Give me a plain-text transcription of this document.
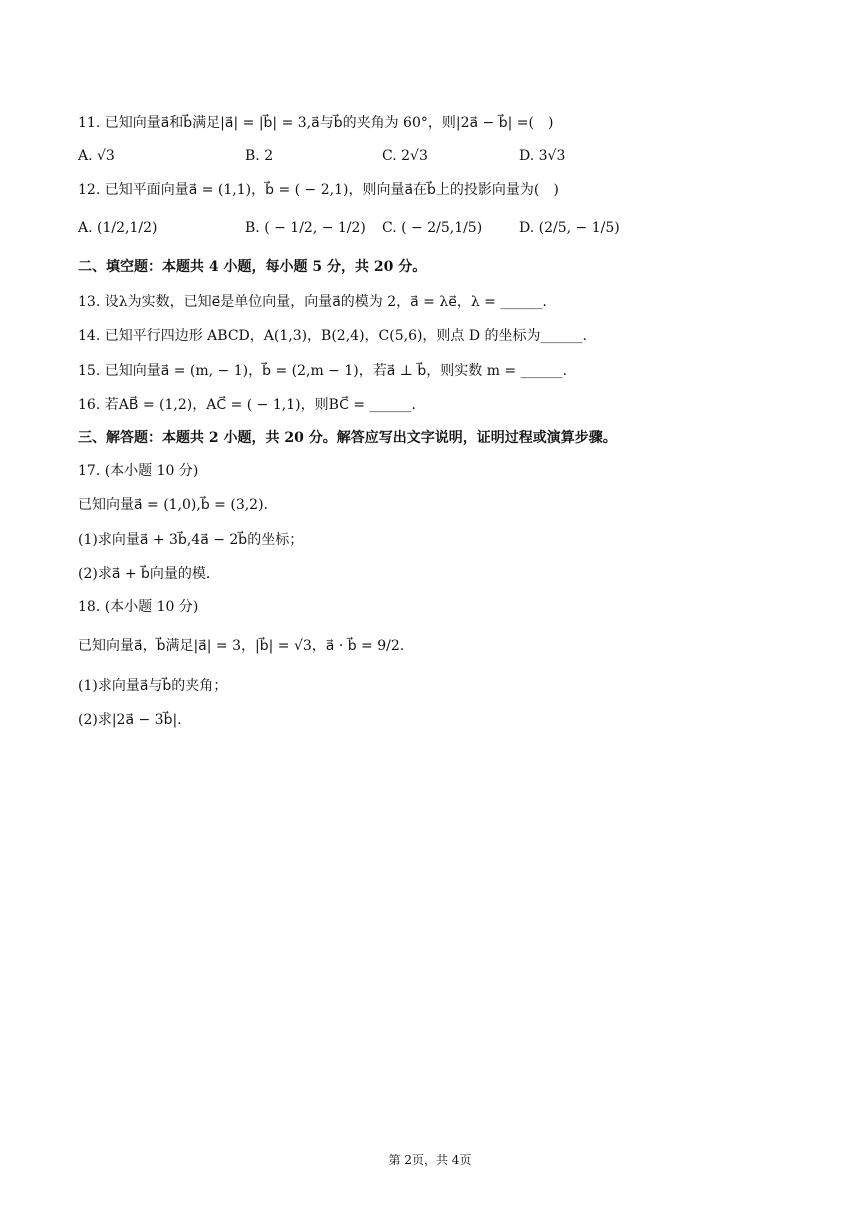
11. 已知向量a⃗和b⃗满足|a⃗| = |b⃗| = 3,a⃗与b⃗的夹角为 60°，则|2a⃗ − b⃗| =(　)
A. √3	B. 2	C. 2√3	D. 3√3
12. 已知平面向量a⃗ = (1,1)，b⃗ = ( − 2,1)，则向量a⃗在b⃗上的投影向量为(　)
A. (1/2,1/2)	B. ( − 1/2, − 1/2) C. ( − 2/5,1/5)	D. (2/5, − 1/5)
二、填空题：本题共 4 小题，每小题 5 分，共 20 分。
13. 设λ为实数，已知e⃗是单位向量，向量a⃗的模为 2，a⃗ = λe⃗，λ = ______.
14. 已知平行四边形 ABCD，A(1,3)，B(2,4)，C(5,6)，则点 D 的坐标为______.
15. 已知向量a⃗ = (m, − 1)，b⃗ = (2,m − 1)，若a⃗ ⊥ b⃗，则实数 m = ______.
16. 若AB⃗ = (1,2)，AC⃗ = ( − 1,1)，则BC⃗ = ______.
三、解答题：本题共 2 小题，共 20 分。解答应写出文字说明，证明过程或演算步骤。
17. (本小题 10 分)
已知向量a⃗ = (1,0),b⃗ = (3,2).
(1)求向量a⃗ + 3b⃗,4a⃗ − 2b⃗的坐标；
(2)求a⃗ + b⃗向量的模.
18. (本小题 10 分)
已知向量a⃗，b⃗满足|a⃗| = 3，|b⃗| = √3，a⃗ · b⃗ = 9/2.
(1)求向量a⃗与b⃗的夹角；
(2)求|2a⃗ − 3b⃗|.
第 2页，共 4页
